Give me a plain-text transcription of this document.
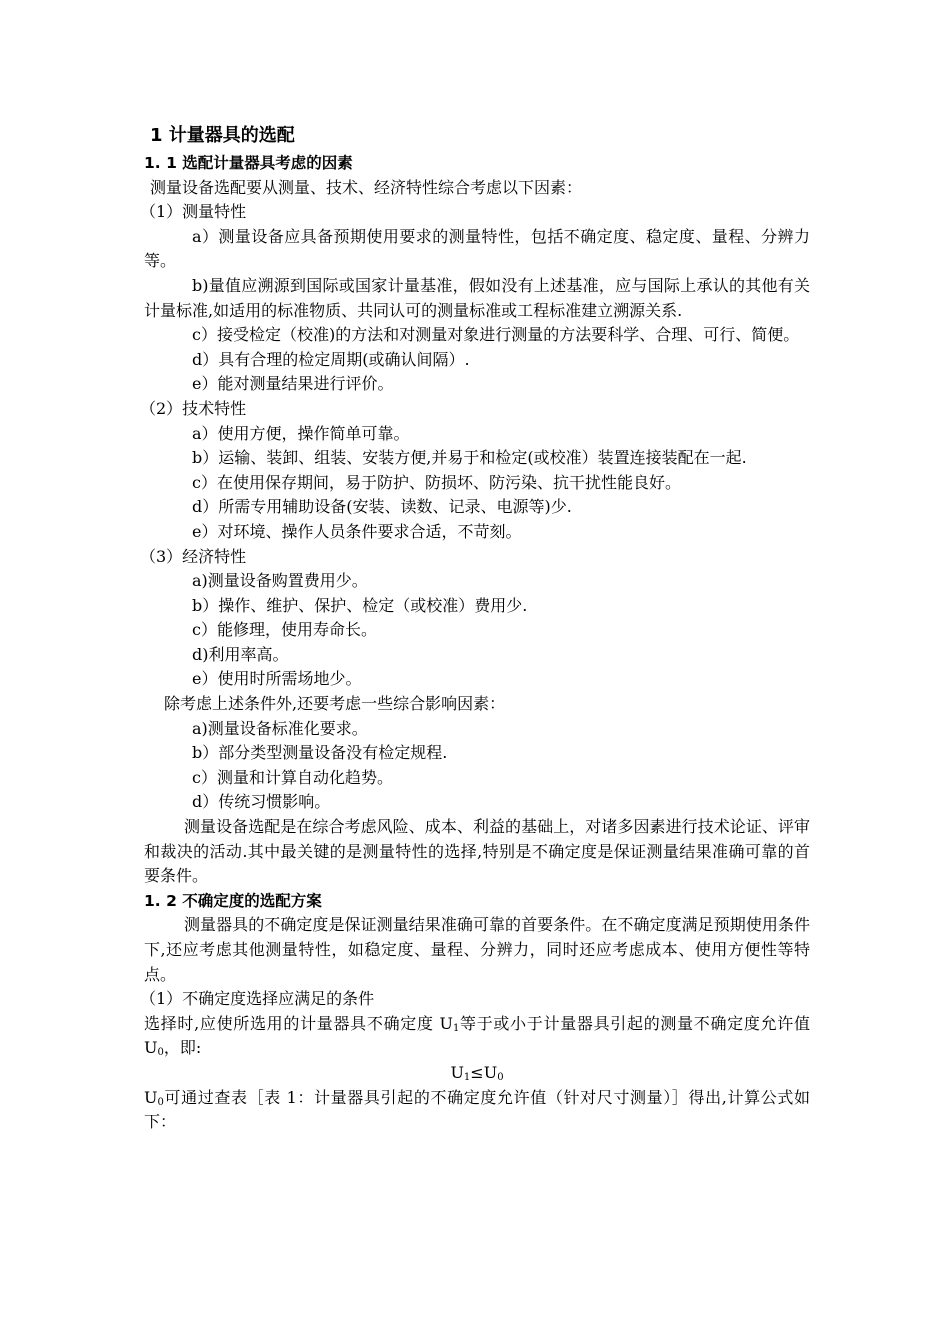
1 计量器具的选配
1. 1 选配计量器具考虑的因素

测量设备选配要从测量、技术、经济特性综合考虑以下因素：

（1）测量特性

a）测量设备应具备预期使用要求的测量特性，包括不确定度、稳定度、量程、分辨力等。

b)量值应溯源到国际或国家计量基准，假如没有上述基准，应与国际上承认的其他有关计量标准,如适用的标准物质、共同认可的测量标准或工程标准建立溯源关系.

c）接受检定（校准)的方法和对测量对象进行测量的方法要科学、合理、可行、简便。

d）具有合理的检定周期(或确认间隔）.

e）能对测量结果进行评价。

（2）技术特性

a）使用方便，操作简单可靠。

b）运输、装卸、组装、安装方便,并易于和检定(或校准）装置连接装配在一起.

c）在使用保存期间，易于防护、防损坏、防污染、抗干扰性能良好。

d）所需专用辅助设备(安装、读数、记录、电源等)少.

e）对环境、操作人员条件要求合适，不苛刻。

（3）经济特性

a)测量设备购置费用少。

b）操作、维护、保护、检定（或校准）费用少.

c）能修理，使用寿命长。

d)利用率高。

e）使用时所需场地少。

除考虑上述条件外,还要考虑一些综合影响因素：

a)测量设备标准化要求。

b）部分类型测量设备没有检定规程.

c）测量和计算自动化趋势。

d）传统习惯影响。

测量设备选配是在综合考虑风险、成本、利益的基础上，对诸多因素进行技术论证、评审和裁决的活动.其中最关键的是测量特性的选择,特别是不确定度是保证测量结果准确可靠的首要条件。

1. 2 不确定度的选配方案

测量器具的不确定度是保证测量结果准确可靠的首要条件。在不确定度满足预期使用条件下,还应考虑其他测量特性，如稳定度、量程、分辨力，同时还应考虑成本、使用方便性等特点。

（1）不确定度选择应满足的条件

选择时,应使所选用的计量器具不确定度 $U_1$等于或小于计量器具引起的测量不确定度允许值 $U_0$，即:

$U_1\le U_0$

$U_0$可通过查表［表 1：计量器具引起的不确定度允许值（针对尺寸测量）］得出,计算公式如下：
